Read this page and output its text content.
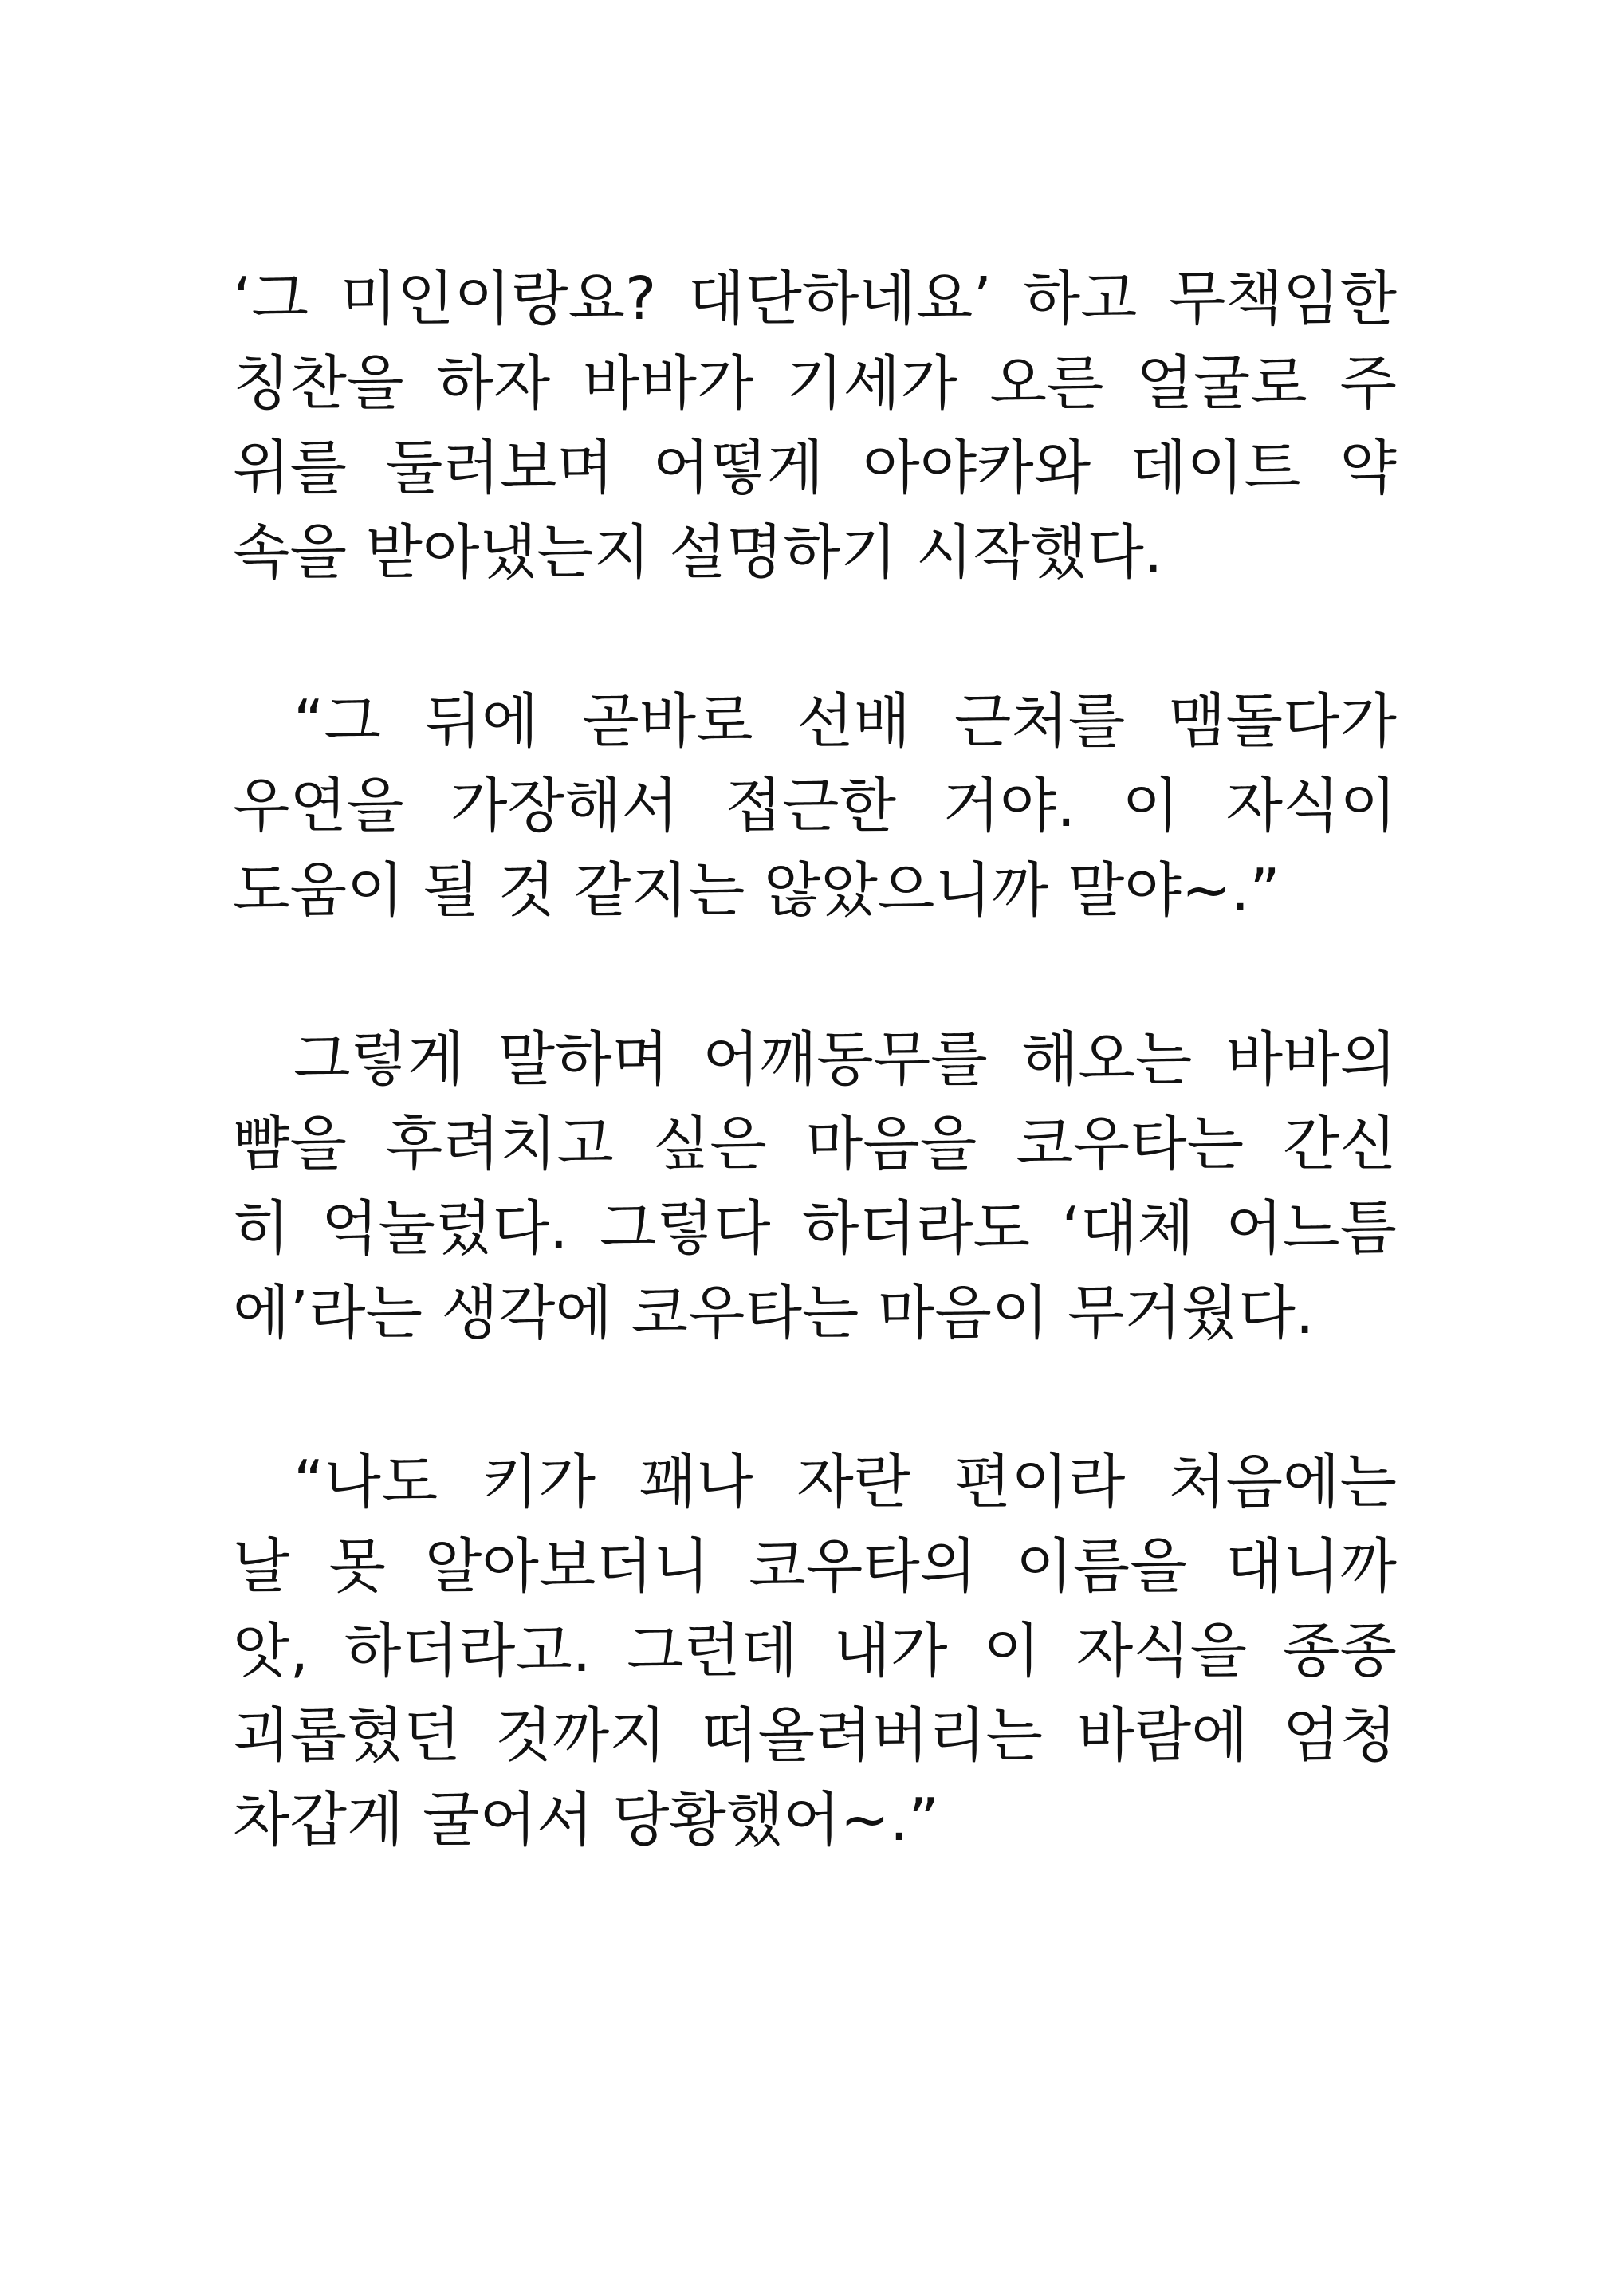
‘그 미인이랑요? 대단하네요’ 하고 무책임한
칭찬을 하자 바바가 기세가 오른 얼굴로 주
위를 둘러보며 어떻게 아야카와 데이트 약
속을 받아냈는지 설명하기 시작했다.

“그 뒤에 곧바로 선배 근처를 맴돌다가
우연을 가장해서 접근한 거야. 이 자식이
도움이 될 것 같지는 않았으니까 말야~.”

그렇게 말하며 어깨동무를 해오는 바바의
뺨을 후려치고 싶은 마음을 코우타는 간신
히 억눌렀다. 그렇다 하더라도 ‘대체 어느틈
에’라는 생각에 코우타는 마음이 무거웠다.

“나도 키가 꽤나 자란 편이라 처음에는
날 못 알아보더니 코우타의 이름을 대니까
앗, 하더라고. 그런데 내가 이 자식을 종종
괴롭혔던 것까지 떠올려버리는 바람에 엄청
차갑게 굴어서 당황했어~.”
